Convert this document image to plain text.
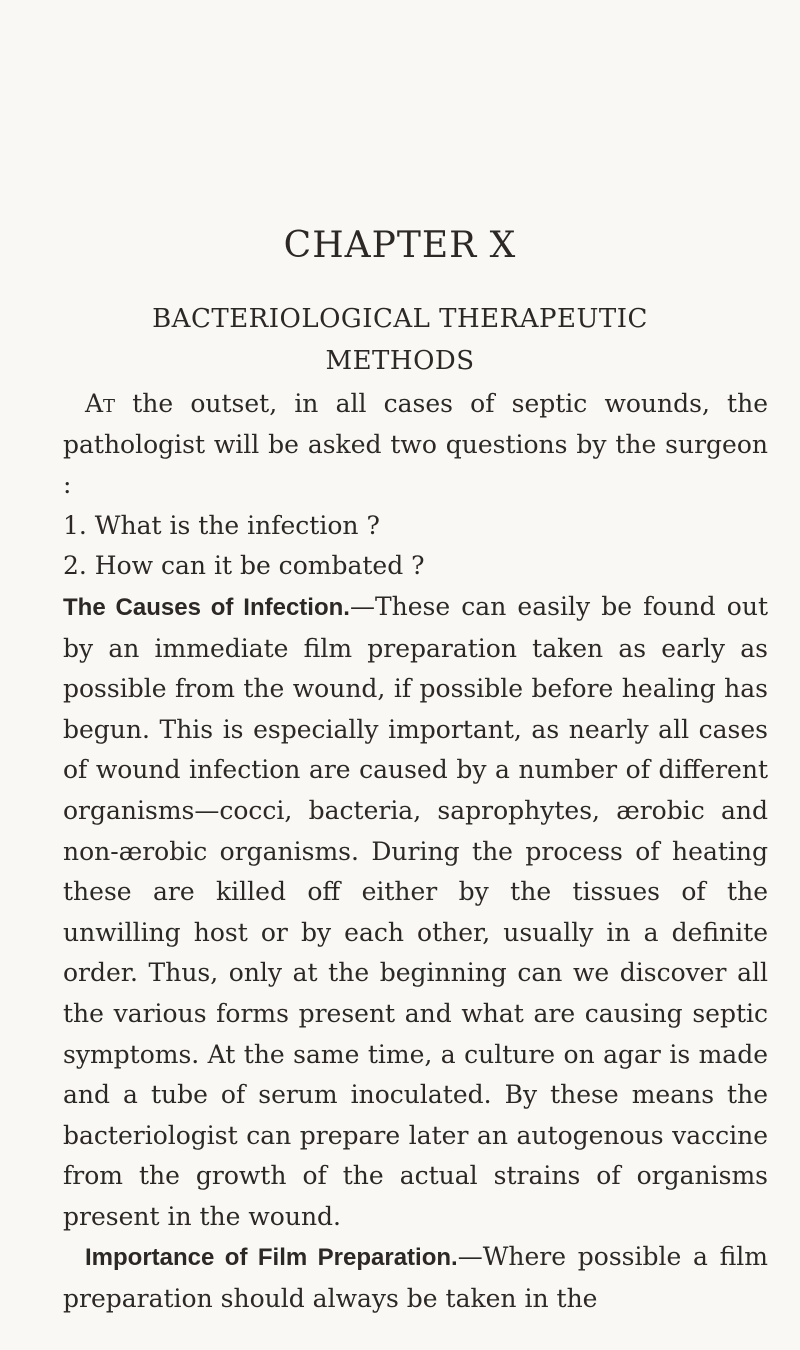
CHAPTER X
BACTERIOLOGICAL THERAPEUTIC
METHODS

At the outset, in all cases of septic wounds, the pathologist will be asked two questions by the surgeon :

1. What is the infection ?

2. How can it be combated ?

The Causes of Infection.—These can easily be found out by an immediate film preparation taken as early as possible from the wound, if possible before healing has begun. This is especially important, as nearly all cases of wound infection are caused by a number of different organisms—cocci, bacteria, saprophytes, ærobic and non-ærobic organisms. During the process of heating these are killed off either by the tissues of the unwilling host or by each other, usually in a definite order. Thus, only at the beginning can we discover all the various forms present and what are causing septic symptoms. At the same time, a culture on agar is made and a tube of serum inoculated. By these means the bacteriologist can prepare later an autogenous vaccine from the growth of the actual strains of organisms present in the wound.

Importance of Film Preparation.—Where possible a film preparation should always be taken in the
